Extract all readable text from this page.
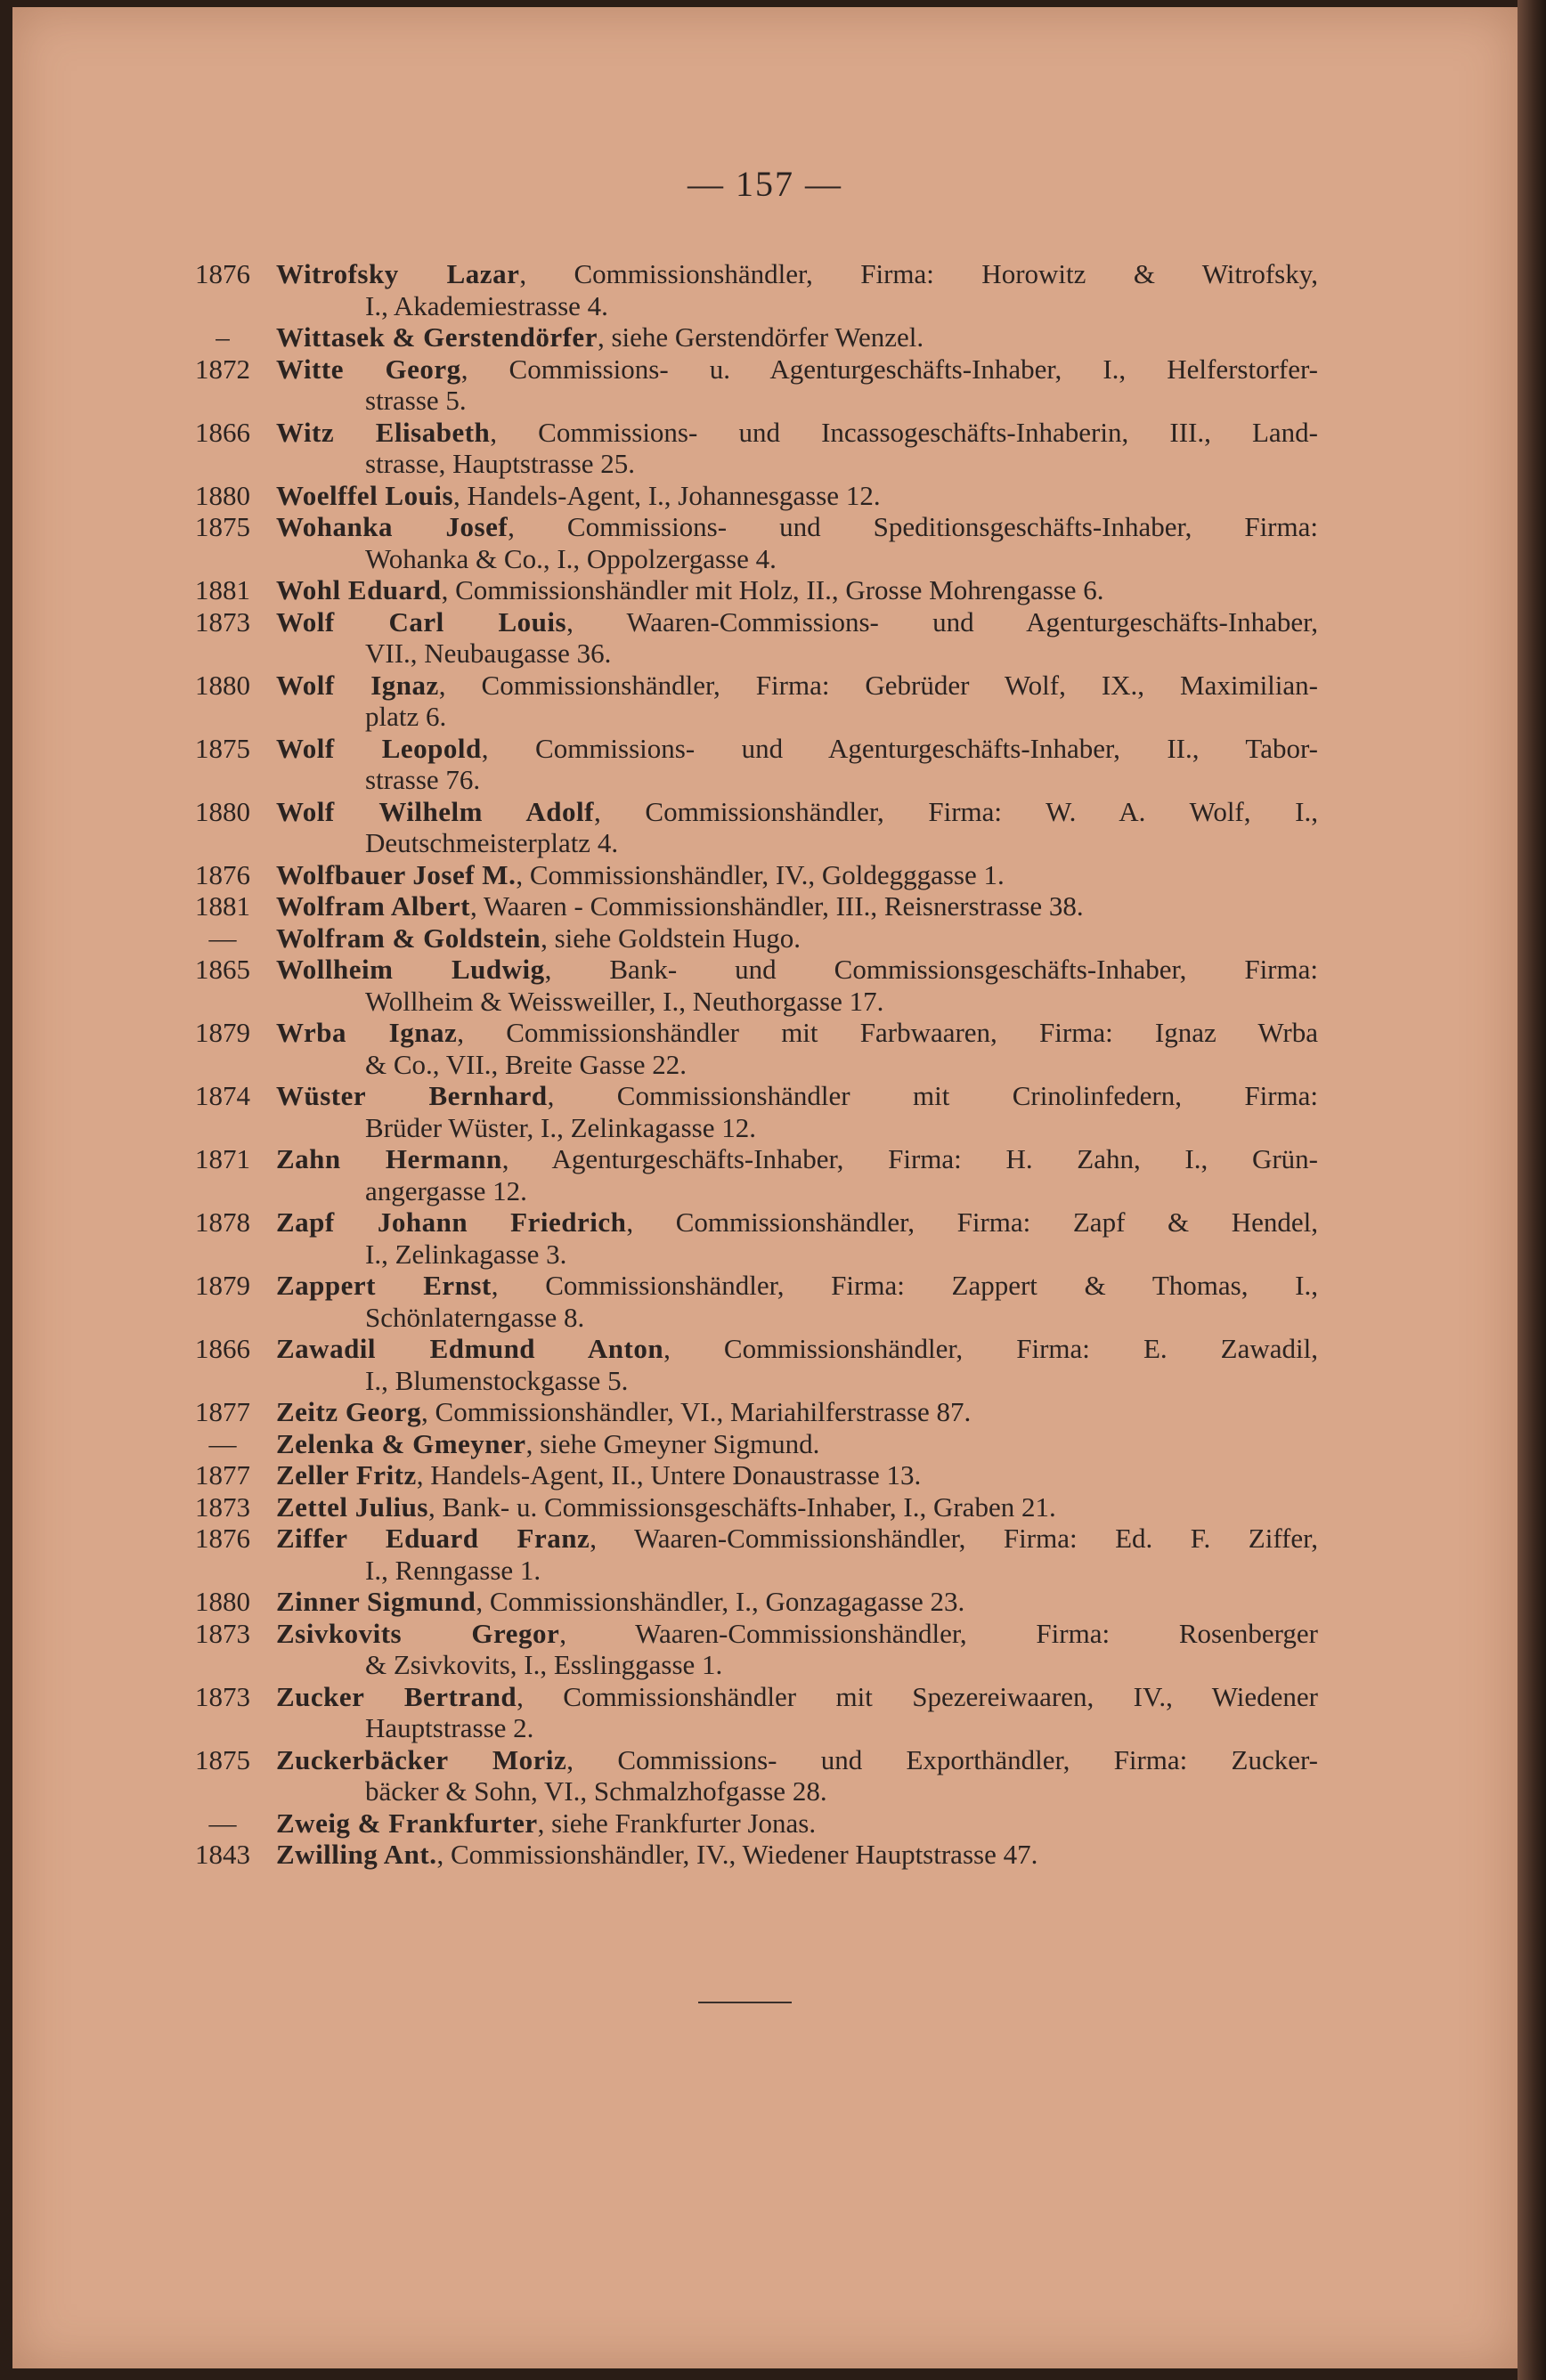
— 157 —
1876 Witrofsky Lazar, Commissionshändler, Firma: Horowitz & Witrofsky,
I., Akademiestrasse 4.
–	Wittasek & Gerstendörfer, siehe Gerstendörfer Wenzel.
1872 Witte Georg, Commissions- u. Agenturgeschäfts-Inhaber, I., Helferstorfer-
strasse 5.
1866 Witz Elisabeth, Commissions- und Incassogeschäfts-Inhaberin, III., Land-
strasse, Hauptstrasse 25.
1880 Woelffel Louis, Handels-Agent, I., Johannesgasse 12.
1875 Wohanka Josef, Commissions- und Speditionsgeschäfts-Inhaber, Firma:
Wohanka & Co., I., Oppolzergasse 4.
1881 Wohl Eduard, Commissionshändler mit Holz, II., Grosse Mohrengasse 6.
1873 Wolf Carl Louis, Waaren-Commissions- und Agenturgeschäfts-Inhaber,
VII., Neubaugasse 36.
1880 Wolf Ignaz, Commissionshändler, Firma: Gebrüder Wolf, IX., Maximilian-
platz 6.
1875 Wolf Leopold, Commissions- und Agenturgeschäfts-Inhaber, II., Tabor-
strasse 76.
1880 Wolf Wilhelm Adolf, Commissionshändler, Firma: W. A. Wolf, I.,
Deutschmeisterplatz 4.
1876 Wolfbauer Josef M., Commissionshändler, IV., Goldegggasse 1.
1881 Wolfram Albert, Waaren - Commissionshändler, III., Reisnerstrasse 38.
—	Wolfram & Goldstein, siehe Goldstein Hugo.
1865 Wollheim Ludwig, Bank- und Commissionsgeschäfts-Inhaber, Firma:
Wollheim & Weissweiller, I., Neuthorgasse 17.
1879 Wrba Ignaz, Commissionshändler mit Farbwaaren, Firma: Ignaz Wrba
& Co., VII., Breite Gasse 22.
1874 Wüster Bernhard, Commissionshändler mit Crinolinfedern, Firma:
Brüder Wüster, I., Zelinkagasse 12.
1871 Zahn Hermann, Agenturgeschäfts-Inhaber, Firma: H. Zahn, I., Grün-
angergasse 12.
1878 Zapf Johann Friedrich, Commissionshändler, Firma: Zapf & Hendel,
I., Zelinkagasse 3.
1879 Zappert Ernst, Commissionshändler, Firma: Zappert & Thomas, I.,
Schönlaterngasse 8.
1866 Zawadil Edmund Anton, Commissionshändler, Firma: E. Zawadil,
I., Blumenstockgasse 5.
1877 Zeitz Georg, Commissionshändler, VI., Mariahilferstrasse 87.
—	Zelenka & Gmeyner, siehe Gmeyner Sigmund.
1877 Zeller Fritz, Handels-Agent, II., Untere Donaustrasse 13.
1873 Zettel Julius, Bank- u. Commissionsgeschäfts-Inhaber, I., Graben 21.
1876 Ziffer Eduard Franz, Waaren-Commissionshändler, Firma: Ed. F. Ziffer,
I., Renngasse 1.
1880 Zinner Sigmund, Commissionshändler, I., Gonzagagasse 23.
1873 Zsivkovits Gregor, Waaren-Commissionshändler, Firma: Rosenberger
& Zsivkovits, I., Esslinggasse 1.
1873 Zucker Bertrand, Commissionshändler mit Spezereiwaaren, IV., Wiedener
Hauptstrasse 2.
1875 Zuckerbäcker Moriz, Commissions- und Exporthändler, Firma: Zucker-
bäcker & Sohn, VI., Schmalzhofgasse 28.
—	Zweig & Frankfurter, siehe Frankfurter Jonas.
1843 Zwilling Ant., Commissionshändler, IV., Wiedener Hauptstrasse 47.
